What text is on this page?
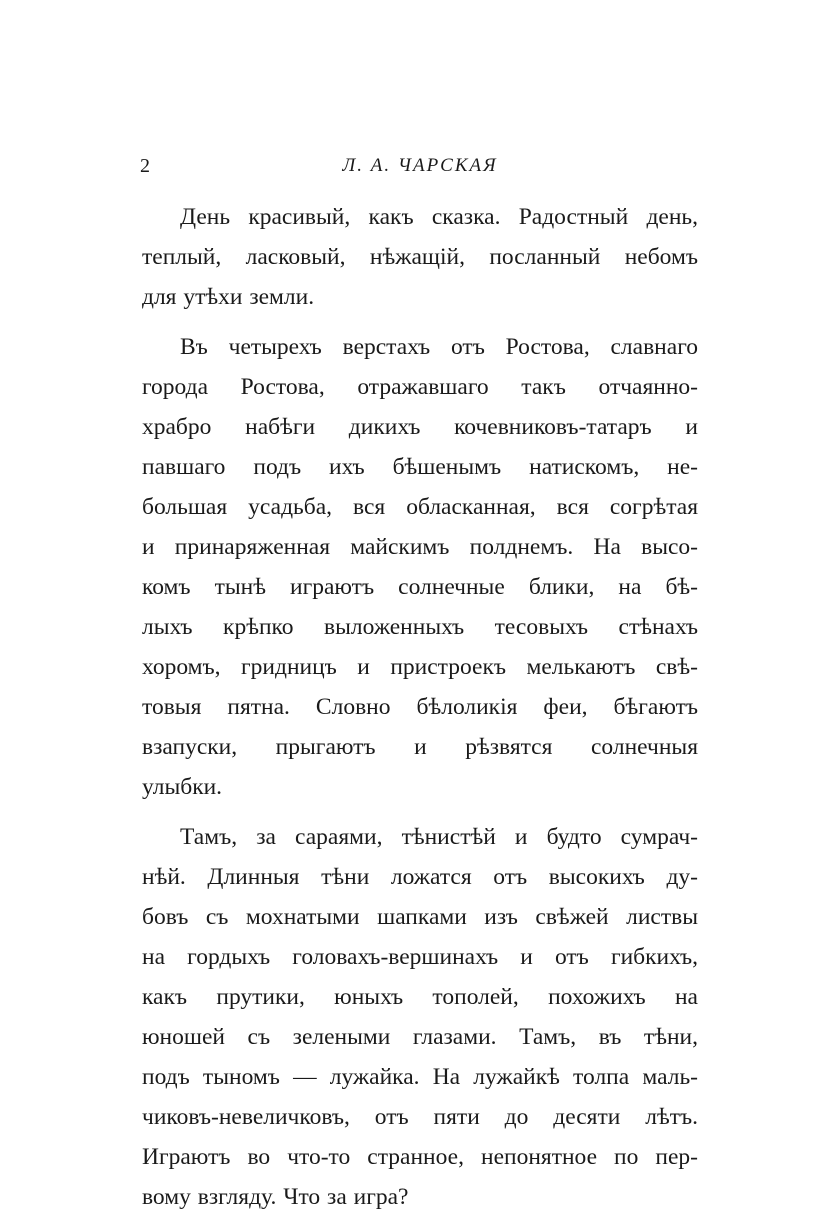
2	Л. А. ЧАРСКАЯ
День красивый, какъ сказка. Радостный день,
теплый, ласковый, нѣжащій, посланный небомъ
для утѣхи земли.
Въ четырехъ верстахъ отъ Ростова, славнаго
города Ростова, отражавшаго такъ отчаянно-
храбро набѣги дикихъ кочевниковъ-татаръ и
павшаго подъ ихъ бѣшенымъ натискомъ, не-
большая усадьба, вся обласканная, вся согрѣтая
и принаряженная майскимъ полднемъ. На высо-
комъ тынѣ играютъ солнечные блики, на бѣ-
лыхъ крѣпко выложенныхъ тесовыхъ стѣнахъ
хоромъ, гридницъ и пристроекъ мелькаютъ свѣ-
товыя пятна. Словно бѣлоликія феи, бѣгаютъ
взапуски, прыгаютъ и рѣзвятся солнечныя
улыбки.
Тамъ, за сараями, тѣнистѣй и будто сумрач-
нѣй. Длинныя тѣни ложатся отъ высокихъ ду-
бовъ съ мохнатыми шапками изъ свѣжей листвы
на гордыхъ головахъ-вершинахъ и отъ гибкихъ,
какъ прутики, юныхъ тополей, похожихъ на
юношей съ зелеными глазами. Тамъ, въ тѣни,
подъ тыномъ — лужайка. На лужайкѣ толпа маль-
чиковъ-невеличковъ, отъ пяти до десяти лѣтъ.
Играютъ во что-то странное, непонятное по пер-
вому взгляду. Что за игра?
